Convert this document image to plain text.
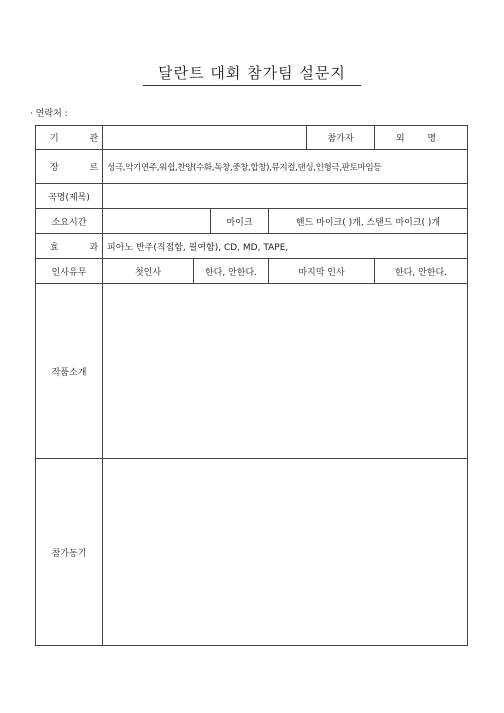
달란트 대회 참가팀 설문지
· 연락처 :
기 관					참가자	외 명
장 르	성극,악기연주,워쉽,찬양(수화,독창,중창,합창),뮤지컬,댄싱,인형극,판토마임등					
곡명(제목)						
소요시간			마이크	핸드 마이크( )개, 스탠드 마이크( )개		
효 과	피아노 반주(직접함, 필여함), CD, MD, TAPE,					
인사유무	첫인사	한다, 안한다.		마지막 인사		한다, 안한다.
작품소개						
참가동기						
